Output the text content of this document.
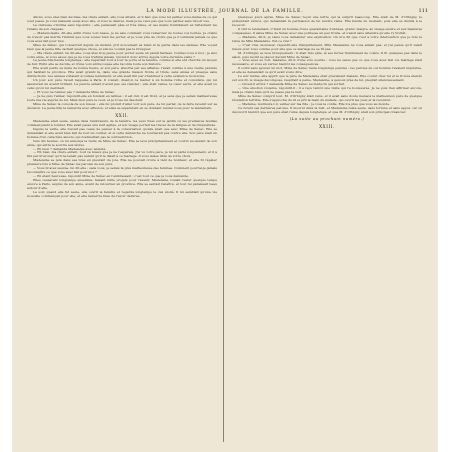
LA MODE ILLUSTRÉE, JOURNAL DE LA FAMILLE.	111

Allons, vous êtes bien décidée, ma chère enfant, elle vous attend, et il faut que vous lui parliez vous-même de ce qui s'est passé. Je vous laisserai seule avec elle, si vous le désirez, mais je ne veux pas que vous partiez sans l'avoir vue.

La visiteuse s'inclina sans répondre ; elle paraissait pâle et très émue, et ses mains tremblaient en rattachant les rubans de son chapeau.

— Mademoiselle, dit-elle enfin d'une voix basse, je ne sais comment vous remercier de toutes vos bontés. Je crains de n'avoir pas mérité l'intérêt que vous voulez bien me porter, et je vous prie de croire que je n'oublierai jamais ce que vous avez fait pour moi.

Mme de Sénac, qui l'observait depuis un instant, prit doucement sa main et la garda dans les siennes. Elle voyait bien que la jeune fille cachait quelque chose, et elle ne voulait pas la brusquer.

— Ma chère enfant, lui dit-elle, vous êtes trop jeune pour porter seule un pareil fardeau. Confiez-vous à moi ; je suis votre amie, et vous savez que je ne vous trahirai jamais. Qu'est-il donc arrivé depuis votre dernière visite ?

La jeune fille hésita longtemps ; elle regardait tour à tour la porte et la fenêtre, comme si elle eût cherché un moyen de fuir. Enfin elle se décida, et d'une voix entrecoupée elle raconta toute son histoire.

Elle avait perdu sa mère de bonne heure, et son père, absorbé par ses affaires, l'avait confiée à une vieille parente qui habitait la province. Elle avait grandi là, dans une grande maison froide et triste, sans amies et presque sans distractions. Les années s'étaient écoulées lentement, et elle avait fini par s'habituer à cette existence monotone.

Un jour, son père l'avait rappelée à Paris. Il voulait, disait-il, la marier à un homme riche et considéré, qui lui assurerait un avenir brillant. La pauvre enfant n'avait pas osé résister ; elle était venue, le cœur serré, et elle avait vu celui qu'on lui destinait.

— Et vous ne l'aimez pas ? demanda Mme de Sénac.

— Je ne puis l'aimer, répondit-elle en fondant en larmes ; il est dur, il est froid, et je sens que je serais malheureuse toute ma vie auprès de lui. Mais mon père le veut, et je n'ose lui désobéir.

Mme de Sénac la consola de son mieux ; elle lui promit d'aller voir son père, de lui parler, de le faire revenir sur sa décision. La jeune fille la remercia avec effusion, et elles se séparèrent en se donnant rendez-vous pour le lendemain.

XXII.

Madeleine était seule, assise dans l'embrasure de la fenêtre, les yeux fixés sur le jardin où les premières feuilles commençaient à tomber. Elle avait passé une nuit agitée, et son visage portait les traces de la fatigue et de l'inquiétude.

Depuis la veille, elle n'avait pas cessé de penser à la conversation qu'elle avait eue avec Mme de Sénac. Elle se demandait si elle avait bien fait de tout lui confier, et si cette démarche ne tournerait pas contre elle. Son père était un homme d'un caractère absolu, qui n'admettait pas la contradiction.

Vers dix heures, on lui annonça la visite de Mme de Sénac. Elle se leva précipitamment et courut au-devant de son amie, qui entra le sourire aux lèvres.

— Eh bien ? demanda Madeleine avec anxiété.

— Eh bien, ma chère enfant, tout va mieux que je ne l'espérais. J'ai vu votre père, je lui ai parlé longuement, et il a fini par m'avouer qu'il ne tenait pas autant qu'il le disait à ce mariage. Il vous laisse libre de votre choix.

Madeleine se jeta dans ses bras en pleurant de joie. Elle ne pouvait croire à tant de bonheur, et elle fit répéter plusieurs fois à Mme de Sénac les paroles de son père.

— Vous m'avez sauvée, lui dit-elle ; sans vous, je serais la plus malheureuse des femmes. Comment pourrai-je jamais reconnaître ce que vous avez fait pour moi ?

— En étant heureuse, répondit Mme de Sénac en l'embrassant ; c'est tout ce que je vous demande.

Elles causèrent longtemps ensemble, faisant mille projets pour l'avenir. Madeleine voulait rester quelque temps encore à Paris, auprès de son amie, avant de retourner en province. Elle se sentait renaître, et tout lui paraissait beau autour d'elle.

Le soir, quand elle fut seule, elle ouvrit la fenêtre et regarda longtemps le ciel étoilé. Il lui semblait qu'une vie nouvelle commençait pour elle, et elle remercia Dieu de l'avoir délivrée.

Quelques jours après, Mme de Sénac reçut une lettre qui la surprit beaucoup. Elle était de M. d'Orbigny, le prétendant évincé, qui demandait la permission de lui rendre visite. Elle hésita un moment, puis elle se décida à le recevoir.

Il vint le lendemain. C'était un homme d'une quarantaine d'années, grand, maigre, au visage sévère et aux manières compassées. Il salua Mme de Sénac avec une politesse un peu froide, et s'assit sans attendre qu'elle l'y invitât.

— Madame, dit-il, je viens vous demander une explication. On m'a dit que c'est à votre intervention que je dois le refus de Mlle Madeleine. Est-ce vrai ?

— C'est vrai, monsieur, répondit-elle tranquillement. Mlle Madeleine ne vous aimait pas, et j'ai pensé qu'il valait mieux pour vous comme pour elle que ce mariage ne se fît pas.

M. d'Orbigny se leva brusquement ; il était très pâle, et ses lèvres tremblaient de colère. Il fit quelques pas dans le salon, puis revint se placer devant Mme de Sénac.

— Vous avez eu tort, madame, dit-il d'une voix sourde ; vous ne savez pas ce que vous avez fait. Ce mariage était nécessaire, et vous en verrez bientôt les conséquences.

Il sortit sans ajouter un mot. Mme de Sénac resta longtemps pensive ; les paroles de cet homme l'avaient inquiétée, et elle se demandait ce qu'il avait voulu dire.

Le soir même, elle apprit que le père de Madeleine était gravement malade. Elle courut chez lui et le trouva étendu sur son lit, le visage décomposé, respirant à peine. Madeleine, à genoux près de lui, pleurait silencieusement.

— Qu'est-il arrivé ? demanda Mme de Sénac au médecin qui sortait.

— Une émotion violente, répondit-il ; il a reçu tantôt une visite qui l'a bouleversé. Je ne puis rien affirmer encore, mais je crains bien qu'il ne passe pas la nuit.

Mme de Sénac comprit tout. M. d'Orbigny était venu, et il avait sans doute menacé le malheureux père de quelque révélation terrible. Elle s'approcha du lit et prit la main du malade, qui ouvrit les yeux et la reconnut.

— Madame, murmura-t-il, veillez sur ma fille ; je vous la confie. Elle n'a plus que vous au monde.

Ce furent ses dernières paroles. Il mourut dans la nuit, et Madeleine resta seule, sans fortune et sans appui, car on découvrit bientôt que son père était ruiné depuis longtemps, et que M. d'Orbigny était son principal créancier.

(La suite au prochain numéro.)
XXIII.
